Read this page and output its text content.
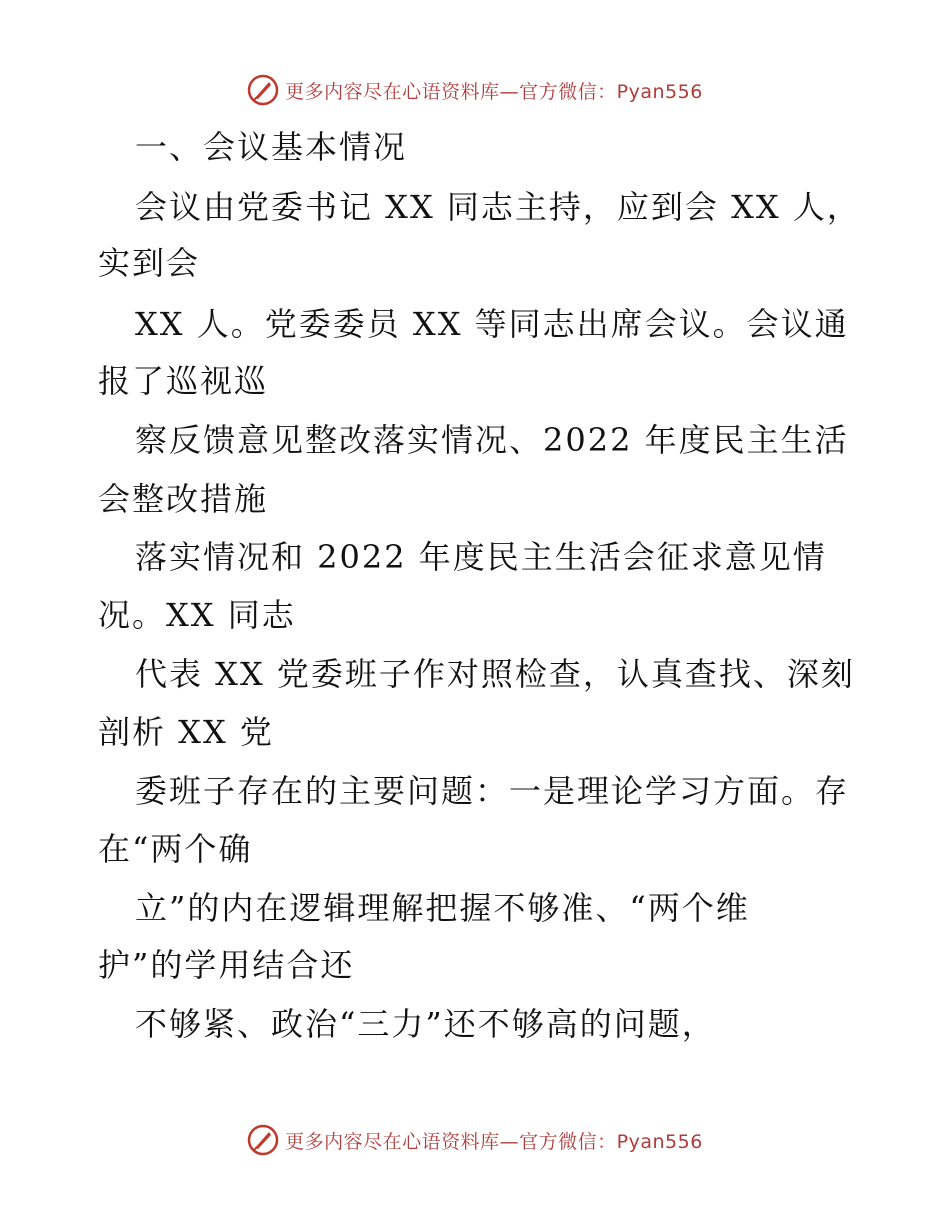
更多内容尽在心语资料库—官方微信：Pyan556
一、会议基本情况
会议由党委书记 XX 同志主持，应到会 XX 人，
实到会
XX 人。党委委员 XX 等同志出席会议。会议通
报了巡视巡
察反馈意见整改落实情况、2022 年度民主生活
会整改措施
落实情况和 2022 年度民主生活会征求意见情
况。XX 同志
代表 XX 党委班子作对照检查，认真查找、深刻
剖析 XX 党
委班子存在的主要问题：一是理论学习方面。存
在“两个确
立”的内在逻辑理解把握不够准、“两个维
护”的学用结合还
不够紧、政治“三力”还不够高的问题，
更多内容尽在心语资料库—官方微信：Pyan556
